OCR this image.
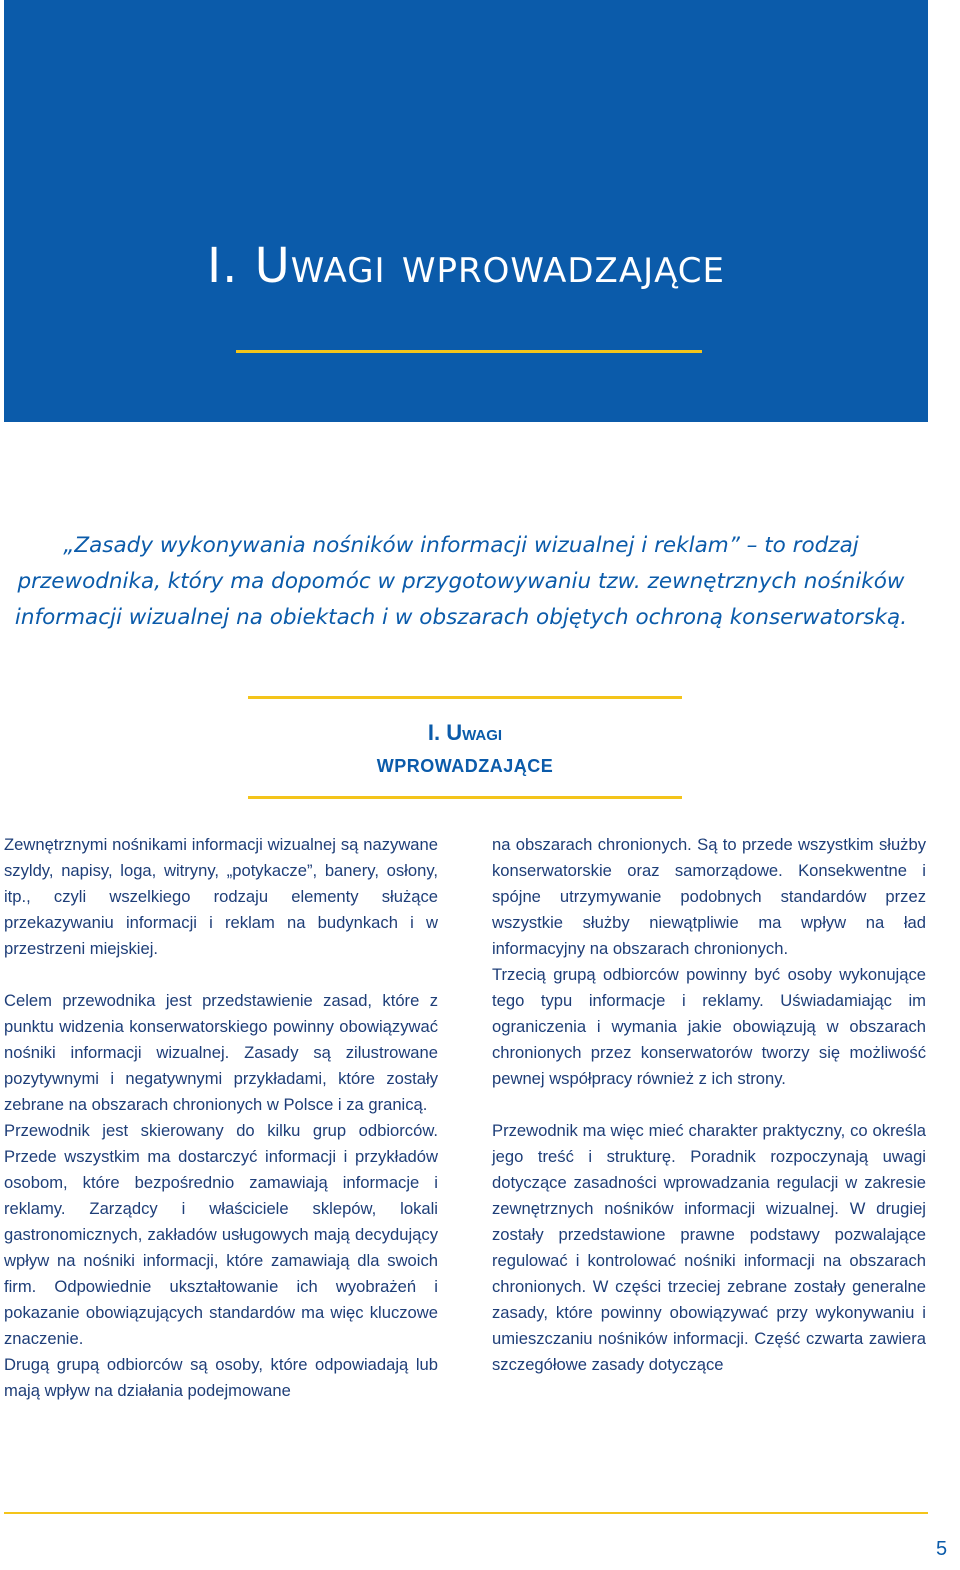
I. Uwagi wprowadzające

„Zasady wykonywania nośników informacji wizualnej i reklam” – to rodzaj przewodnika, który ma dopomóc w przygotowywaniu tzw. zewnętrznych nośników informacji wizualnej na obiektach i w obszarach objętych ochroną konserwatorską.

I. Uwagi
WPROWADZAJĄCE

Zewnętrznymi nośnikami informacji wizualnej są nazywane szyldy, napisy, loga, witryny, „potykacze”, banery, osłony, itp., czyli wszelkiego rodzaju elementy służące przekazywaniu informacji i reklam na budynkach i w przestrzeni miejskiej.

Celem przewodnika jest przedstawienie zasad, które z punktu widzenia konserwatorskiego powinny obowiązywać nośniki informacji wizualnej. Zasady są zilustrowane pozytywnymi i negatywnymi przykładami, które zostały zebrane na obszarach chronionych w Polsce i za granicą.

Przewodnik jest skierowany do kilku grup odbiorców. Przede wszystkim ma dostarczyć informacji i przykładów osobom, które bezpośrednio zamawiają informacje i reklamy. Zarządcy i właściciele sklepów, lokali gastronomicznych, zakładów usługowych mają decydujący wpływ na nośniki informacji, które zamawiają dla swoich firm. Odpowiednie ukształtowanie ich wyobrażeń i pokazanie obowiązujących standardów ma więc kluczowe znaczenie.

Drugą grupą odbiorców są osoby, które odpowiadają lub mają wpływ na działania podejmowane

na obszarach chronionych. Są to przede wszystkim służby konserwatorskie oraz samorządowe. Konsekwentne i spójne utrzymywanie podobnych standardów przez wszystkie służby niewątpliwie ma wpływ na ład informacyjny na obszarach chronionych.

Trzecią grupą odbiorców powinny być osoby wykonujące tego typu informacje i reklamy. Uświadamiając im ograniczenia i wymania jakie obowiązują w obszarach chronionych przez konserwatorów tworzy się możliwość pewnej współpracy również z ich strony.

Przewodnik ma więc mieć charakter praktyczny, co określa jego treść i strukturę. Poradnik rozpoczynają uwagi dotyczące zasadności wprowadzania regulacji w zakresie zewnętrznych nośników informacji wizualnej. W drugiej zostały przedstawione prawne podstawy pozwalające regulować i kontrolować nośniki informacji na obszarach chronionych. W części trzeciej zebrane zostały generalne zasady, które powinny obowiązywać przy wykonywaniu i umieszczaniu nośników informacji. Część czwarta zawiera szczegółowe zasady dotyczące

5
